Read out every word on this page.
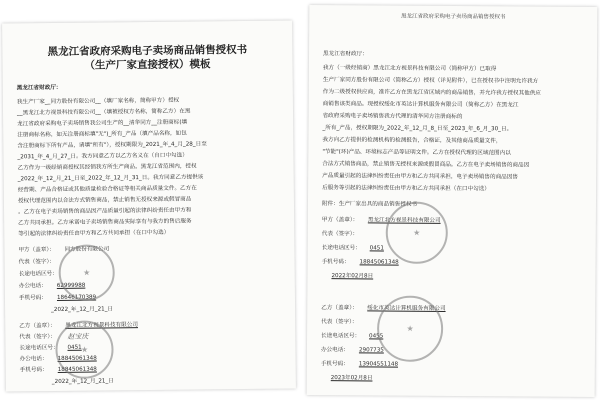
黑龙江省政府采购电子卖场商品销售授权书
（生产厂家直接授权）模板
黑龙江省财政厅：
我生产厂家__同方股份有限公司__（填厂家名称，简称甲方）授权
__黑龙江北方视景科技有限公司__（填被授权方名称，简称乙方）在黑
龙江省政府采购电子卖场销售我公司生产的__清华同方__注册商标(填
注册商标名称，如无注册商标填"无")_所有_产品（填产品名称，如包
含注册商标下所有产品，请填"所有"），授权期限为_2021_年_4_月_28_日至
_2031_年_4_月_27_日。我方同意乙方以乙方名义在（自口中勾选）
乙方作为一级经销商授权其经销我方所生产商品。黑龙江省范围内，授权
_2022_年_12_月_21_日至_2022_年_12_月_31_日。我方同意乙方提供该
经营期、产品合格证或其他质量检验合格证等相关商品质量文件。乙方在
授权代理范围内以合法方式销售商品，禁止销售无授权来源或假冒商品
。乙方在电子卖场销售的商品因产品质量引起的法律纠纷责任由甲方和
乙方共同承担。乙方承诺电子卖场销售商品实际享有与我方的售后服务
等引起的法律纠纷责任由甲方和乙方共同承担（在口中勾选）
甲方（盖章）： 同方股份有限公司
代表（签字）：
长途电话区号：
办公电话： 62999988
手机号码： 18646170389
_2022_年_12_月_21_日
乙方（盖章）： 黑龙江北方视景科技有限公司
代表（签字）： 赵宝庆
长途电话区号： 0451
办公电话： 18845061348
手机号码： 18845061348
_2022_年_12_月_21_日
★
★
黑龙江省政府采购电子卖场商品销售授权书
黑龙江省财政厅：
我方（一级经销商）黑龙江北方视景科技有限公司（简称甲方）已取得
生产厂家同方股份有限公司（简称乙方）授权（详见附件），已在授权书中注明允许我方
作为二级授权供应商，准许乙方在黑龙江省区域内的商品销售，并允许我方授权其他供应
商销售该类商品。现授权绥化市英达计算机服务有限公司（简称乙方）在黑龙江
省政府采购电子卖场销售我方代理的清华同方注册商标的
_所有_产品，授权期限为_2022_年_12_月_8_日至_2023_年_6_月_30_日。
我方向乙方提供的检测机构的检测报告，合格证，及其他商品质量文件，
"节能"(环)产品、环境标志产品等证明文件。乙方在授权代理的区域范围内以
合法方式销售商品，禁止销售无授权来源或假冒商品。乙方在电子卖场销售的商品因
产品质量引起的法律纠纷责任由甲方和乙方共同承担，电子卖场销售的商品因售
后服务等引起的法律纠纷责任由甲方和乙方共同承担（在口中勾选）
附件：生产厂家出具的商品销售授权书
甲方（盖章）： 黑龙江北方视景科技有限公司
代表（签字）：
长途电话区号： 0451
手机号码： 18845061348
2022年02月8日
乙方（盖章）： 绥化市英达计算机服务有限公司
代表（签字）：
长途电话区号： 0455
办公电话： 2907735
手机号码： 13904551148
2023年02月8日
★
★
